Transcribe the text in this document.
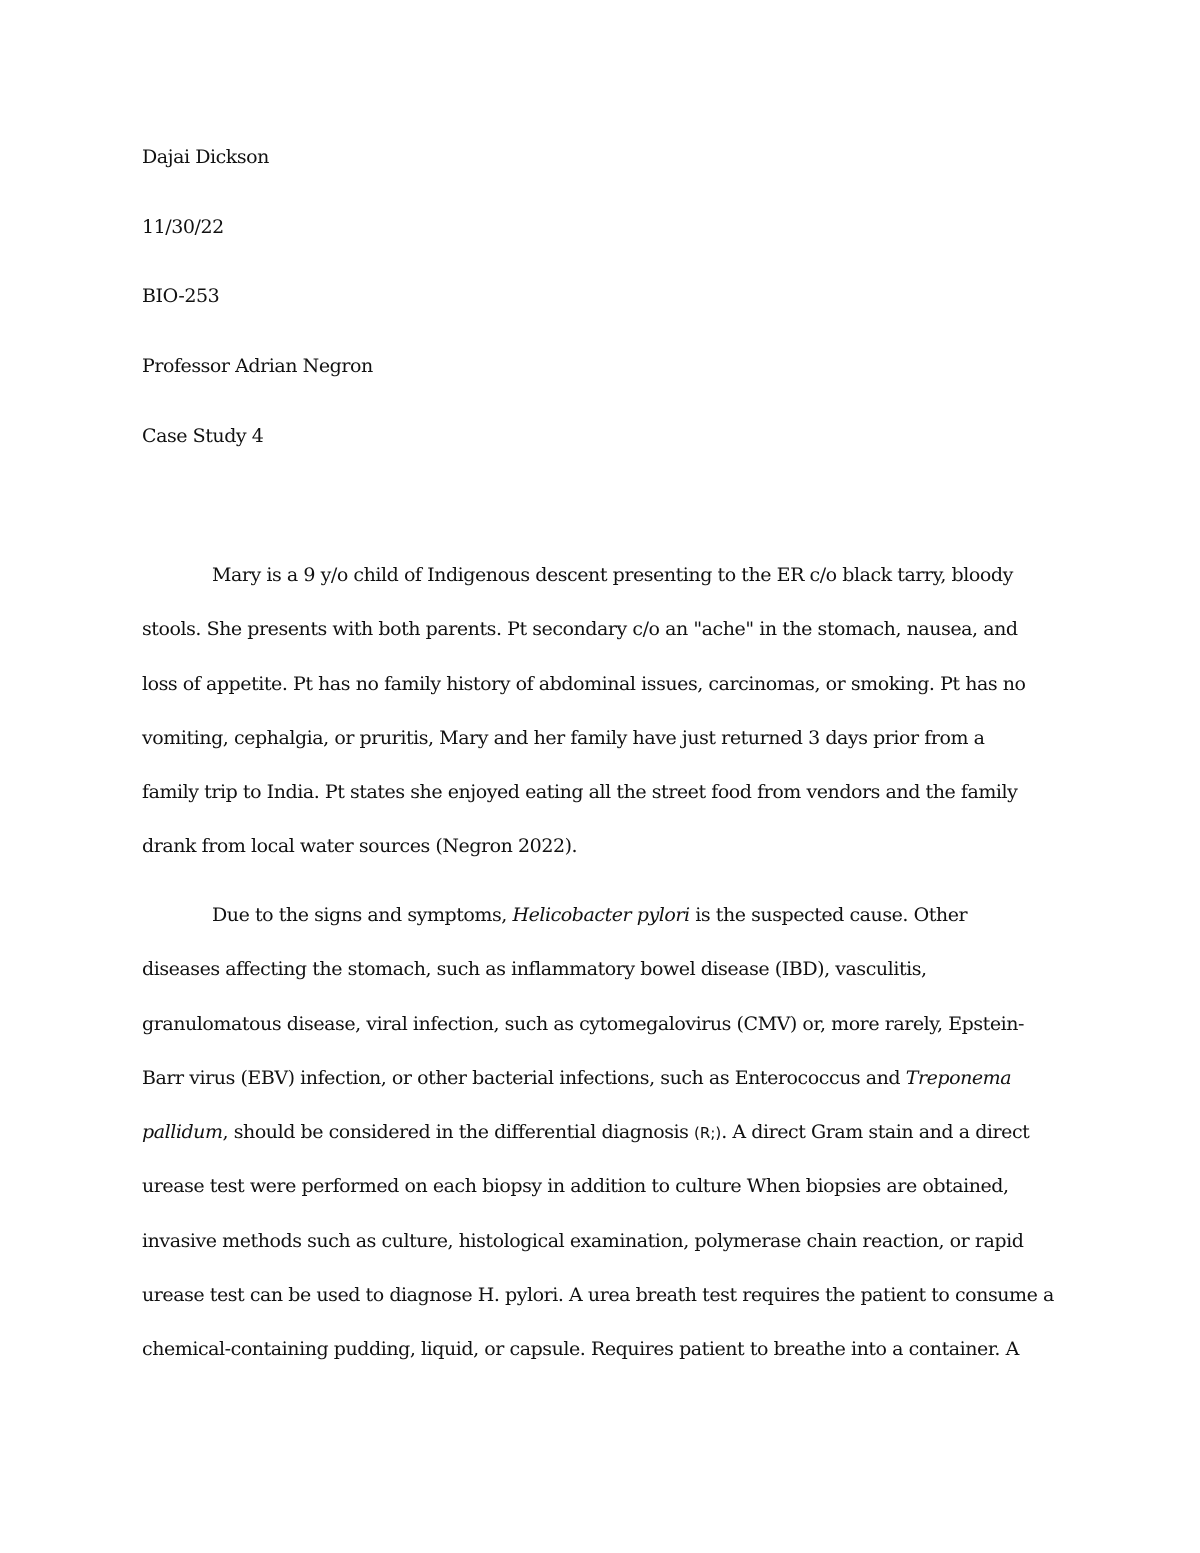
Dajai Dickson
11/30/22
BIO-253
Professor Adrian Negron
Case Study 4
Mary is a 9 y/o child of Indigenous descent presenting to the ER c/o black tarry, bloody
stools. She presents with both parents. Pt secondary c/o an "ache" in the stomach, nausea, and
loss of appetite. Pt has no family history of abdominal issues, carcinomas, or smoking. Pt has no
vomiting, cephalgia, or pruritis, Mary and her family have just returned 3 days prior from a
family trip to India. Pt states she enjoyed eating all the street food from vendors and the family
drank from local water sources (Negron 2022).
Due to the signs and symptoms, Helicobacter pylori is the suspected cause. Other
diseases affecting the stomach, such as inflammatory bowel disease (IBD), vasculitis,
granulomatous disease, viral infection, such as cytomegalovirus (CMV) or, more rarely, Epstein-
Barr virus (EBV) infection, or other bacterial infections, such as Enterococcus and Treponema
pallidum, should be considered in the differential diagnosis (R;). A direct Gram stain and a direct
urease test were performed on each biopsy in addition to culture When biopsies are obtained,
invasive methods such as culture, histological examination, polymerase chain reaction, or rapid
urease test can be used to diagnose H. pylori. A urea breath test requires the patient to consume a
chemical-containing pudding, liquid, or capsule. Requires patient to breathe into a container. A
